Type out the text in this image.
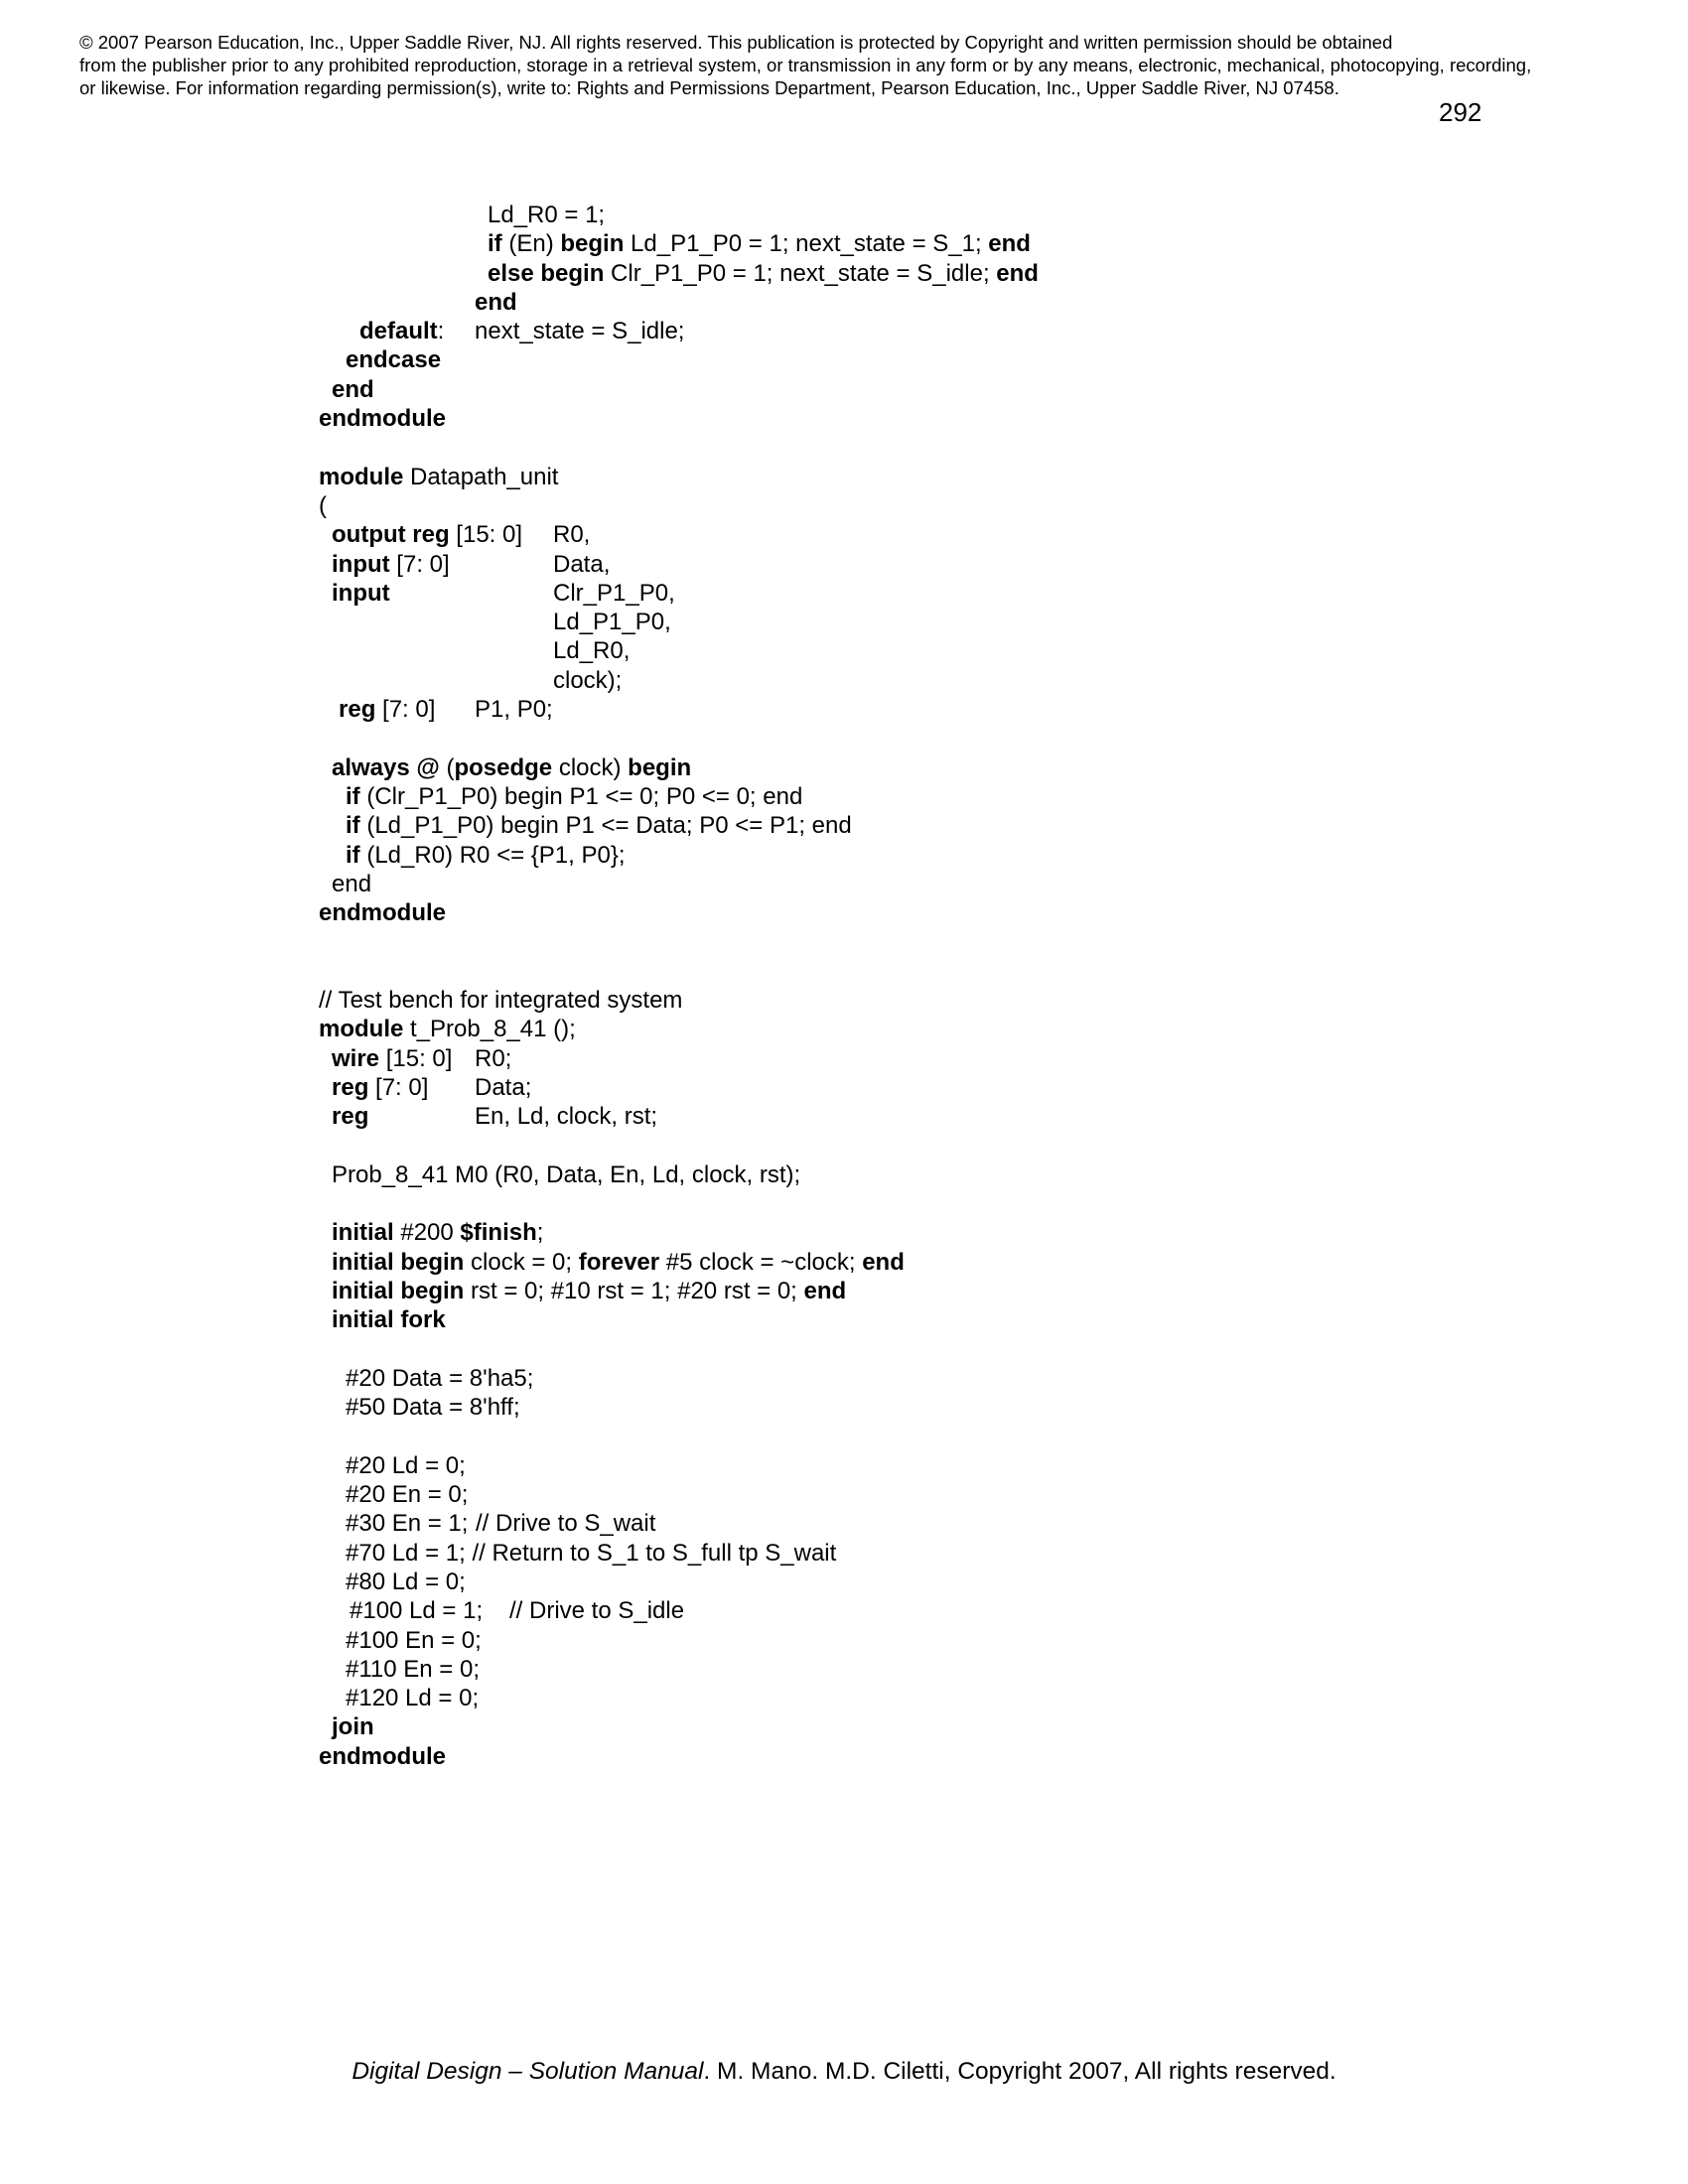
© 2007 Pearson Education, Inc., Upper Saddle River, NJ. All rights reserved. This publication is protected by Copyright and written permission should be obtained
from the publisher prior to any prohibited reproduction, storage in a retrieval system, or transmission in any form or by any means, electronic, mechanical, photocopying, recording,
or likewise. For information regarding permission(s), write to: Rights and Permissions Department, Pearson Education, Inc., Upper Saddle River, NJ 07458.
292
Ld_R0 = 1;
if (En) begin Ld_P1_P0 = 1; next_state = S_1; end
else begin Clr_P1_P0 = 1; next_state = S_idle; end
end
default: next_state = S_idle;
endcase
end
endmodule
module Datapath_unit
(
output reg [15: 0] R0,
input [7: 0]	Data,
input	Clr_P1_P0,
Ld_P1_P0,
Ld_R0,
clock);
reg [7: 0] P1, P0;
always @ (posedge clock) begin
if (Clr_P1_P0) begin P1 <= 0; P0 <= 0; end
if (Ld_P1_P0) begin P1 <= Data; P0 <= P1; end
if (Ld_R0) R0 <= {P1, P0};
end
endmodule
// Test bench for integrated system
module t_Prob_8_41 ();
wire [15: 0] R0;
reg [7: 0] Data;
reg	En, Ld, clock, rst;
Prob_8_41 M0 (R0, Data, En, Ld, clock, rst);
initial #200 $finish;
initial begin clock = 0; forever #5 clock = ~clock; end
initial begin rst = 0; #10 rst = 1; #20 rst = 0; end
initial fork
#20 Data = 8'ha5;
#50 Data = 8'hff;
#20 Ld = 0;
#20 En = 0;
#30 En = 1; // Drive to S_wait
#70 Ld = 1; // Return to S_1 to S_full tp S_wait
#80 Ld = 0;
#100 Ld = 1; // Drive to S_idle
#100 En = 0;
#110 En = 0;
#120 Ld = 0;
join
endmodule
Digital Design – Solution Manual. M. Mano. M.D. Ciletti, Copyright 2007, All rights reserved.
